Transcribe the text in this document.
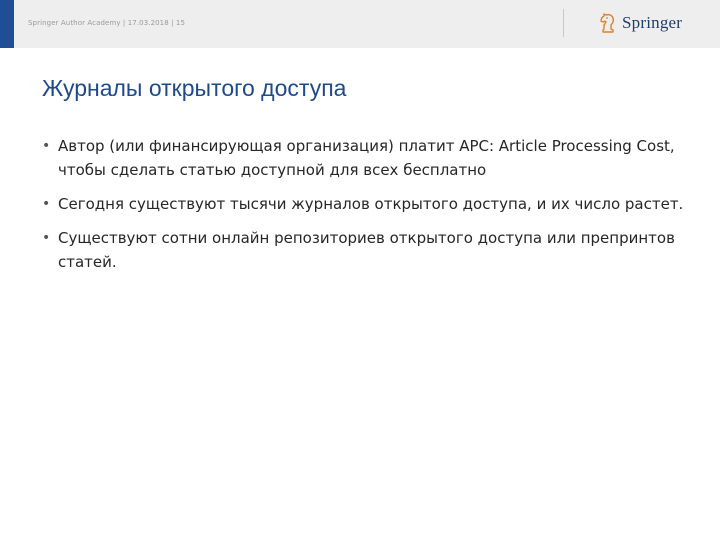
Springer Author Academy | 17.03.2018 | 15	Springer
Журналы открытого доступа
• Автор (или финансирующая организация) платит APC: Article Processing Cost, чтобы сделать статью доступной для всех бесплатно
• Сегодня существуют тысячи журналов открытого доступа, и их число растет.
• Существуют сотни онлайн репозиториев открытого доступа или препринтов статей.
